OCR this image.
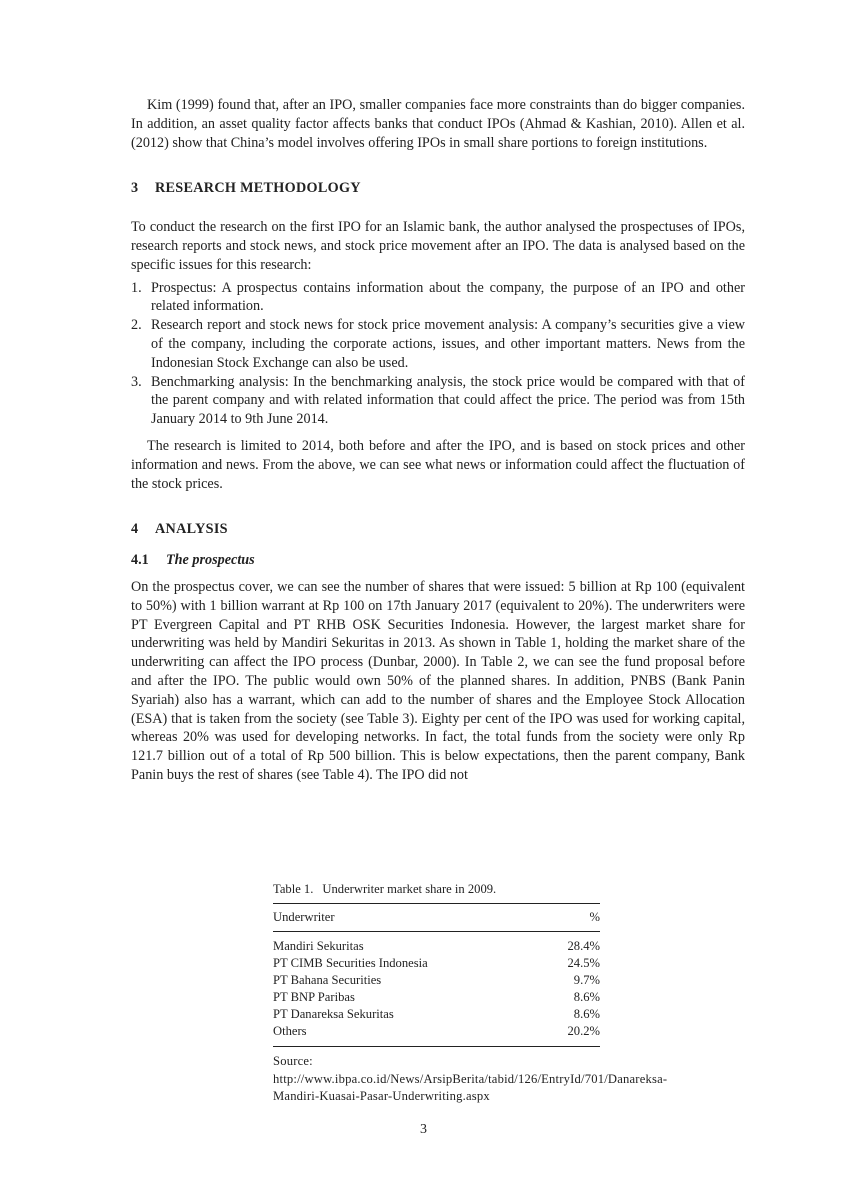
Kim (1999) found that, after an IPO, smaller companies face more constraints than do bigger companies. In addition, an asset quality factor affects banks that conduct IPOs (Ahmad & Kashian, 2010). Allen et al. (2012) show that China’s model involves offering IPOs in small share portions to foreign institutions.

3 RESEARCH METHODOLOGY

To conduct the research on the first IPO for an Islamic bank, the author analysed the prospectuses of IPOs, research reports and stock news, and stock price movement after an IPO. The data is analysed based on the specific issues for this research:

1. Prospectus: A prospectus contains information about the company, the purpose of an IPO and other related information.
2. Research report and stock news for stock price movement analysis: A company’s securities give a view of the company, including the corporate actions, issues, and other important matters. News from the Indonesian Stock Exchange can also be used.
3. Benchmarking analysis: In the benchmarking analysis, the stock price would be compared with that of the parent company and with related information that could affect the price. The period was from 15th January 2014 to 9th June 2014.

The research is limited to 2014, both before and after the IPO, and is based on stock prices and other information and news. From the above, we can see what news or information could affect the fluctuation of the stock prices.

4 ANALYSIS
4.1 The prospectus

On the prospectus cover, we can see the number of shares that were issued: 5 billion at Rp 100 (equivalent to 50%) with 1 billion warrant at Rp 100 on 17th January 2017 (equivalent to 20%). The underwriters were PT Evergreen Capital and PT RHB OSK Securities Indonesia. However, the largest market share for underwriting was held by Mandiri Sekuritas in 2013. As shown in Table 1, holding the market share of the underwriting can affect the IPO process (Dunbar, 2000). In Table 2, we can see the fund proposal before and after the IPO. The public would own 50% of the planned shares. In addition, PNBS (Bank Panin Syariah) also has a warrant, which can add to the number of shares and the Employee Stock Allocation (ESA) that is taken from the society (see Table 3). Eighty per cent of the IPO was used for working capital, whereas 20% was used for developing networks. In fact, the total funds from the society were only Rp 121.7 billion out of a total of Rp 500 billion. This is below expectations, then the parent company, Bank Panin buys the rest of shares (see Table 4). The IPO did not

Table 1. Underwriter market share in 2009.
Underwriter	%
Mandiri Sekuritas	28.4%
PT CIMB Securities Indonesia	24.5%
PT Bahana Securities	9.7%
PT BNP Paribas	8.6%
PT Danareksa Sekuritas	8.6%
Others	20.2%
Source: http://www.ibpa.co.id/News/ArsipBerita/tabid/126/EntryId/701/Danareksa-Mandiri-Kuasai-Pasar-Underwriting.aspx
3
